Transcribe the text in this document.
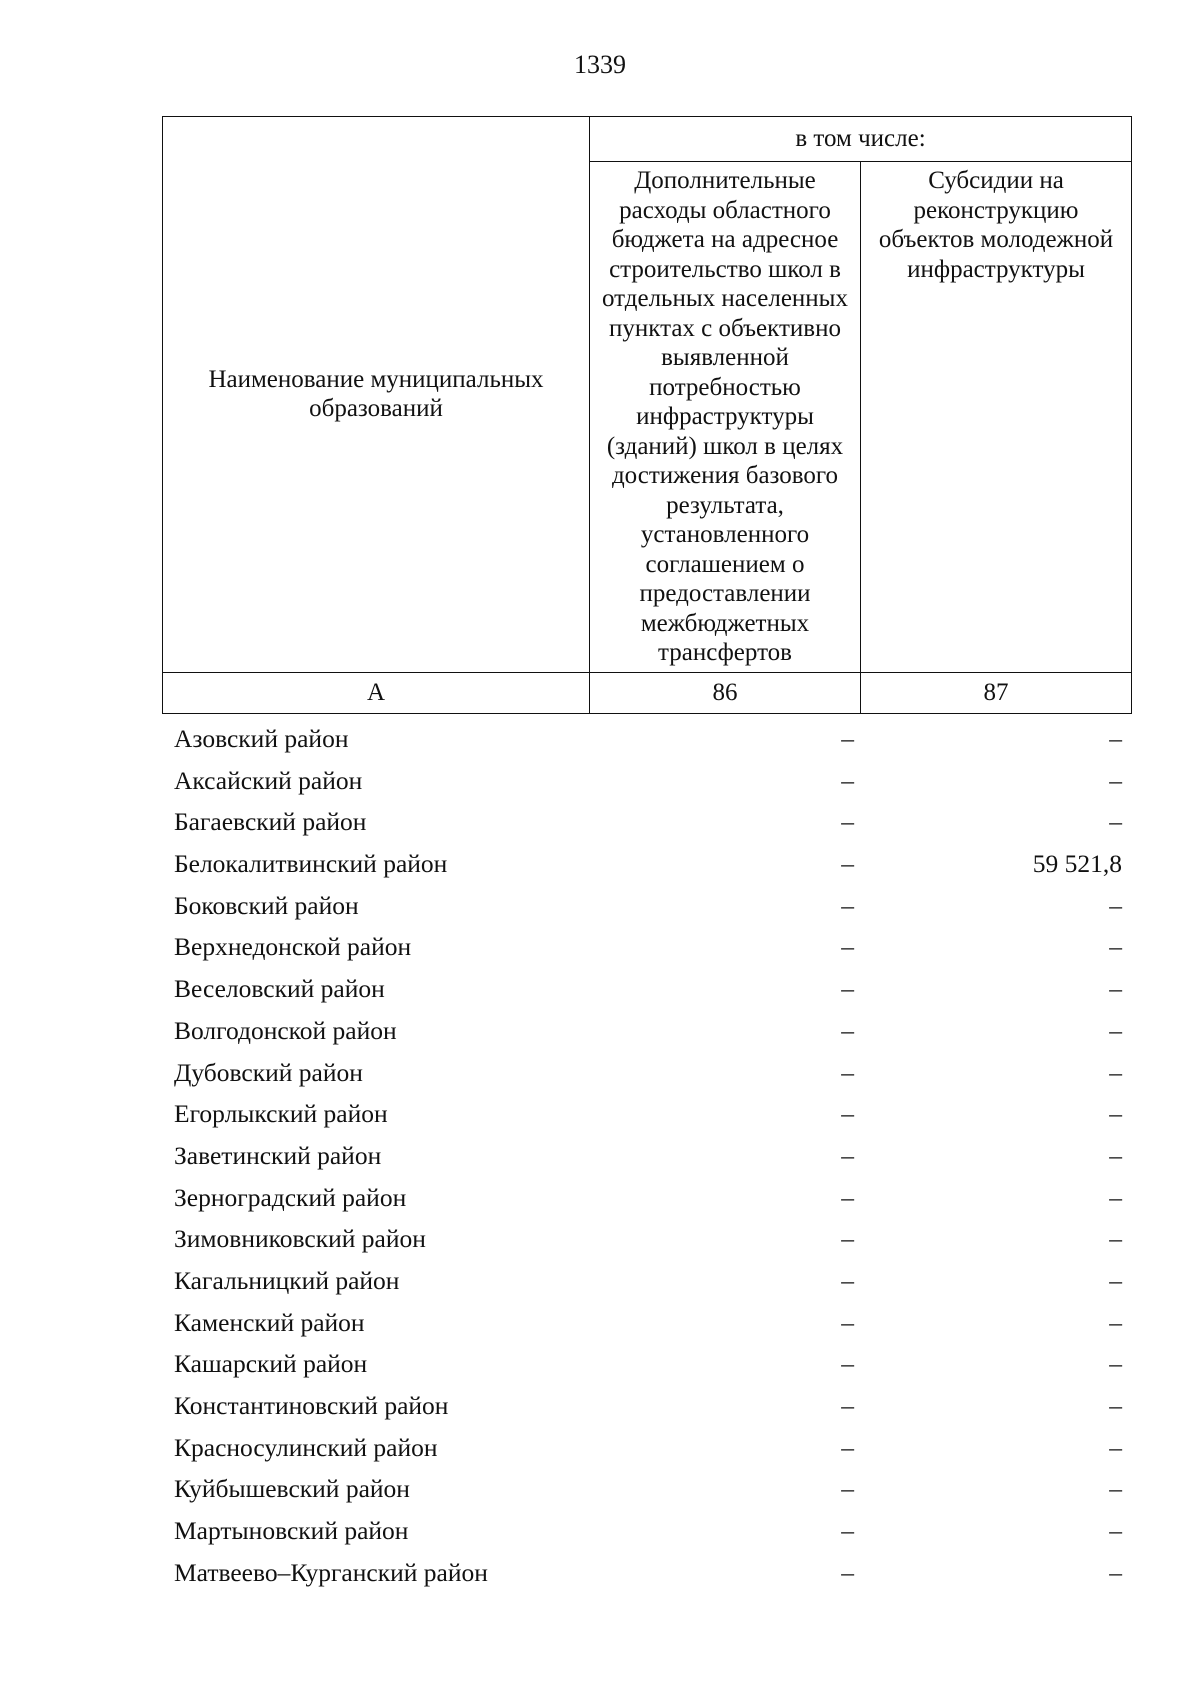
1339
Наименование муниципальных образований	в том числе:	

	Дополнительные расходы областного бюджета на адресное строительство школ в отдельных населенных пунктах с объективно выявленной потребностью инфраструктуры (зданий) школ в целях достижения базового результата, установленного соглашением о предоставлении межбюджетных трансфертов	Субсидии на реконструкцию объектов молодежной инфраструктуры

А	86	87
Азовский район	–	–
Аксайский район	–	–
Багаевский район	–	–
Белокалитвинский район	–	59 521,8
Боковский район	–	–
Верхнедонской район	–	–
Веселовский район	–	–
Волгодонской район	–	–
Дубовский район	–	–
Егорлыкский район	–	–
Заветинский район	–	–
Зерноградский район	–	–
Зимовниковский район	–	–
Кагальницкий район	–	–
Каменский район	–	–
Кашарский район	–	–
Константиновский район	–	–
Красносулинский район	–	–
Куйбышевский район	–	–
Мартыновский район	–	–
Матвеево–Курганский район	–	–
